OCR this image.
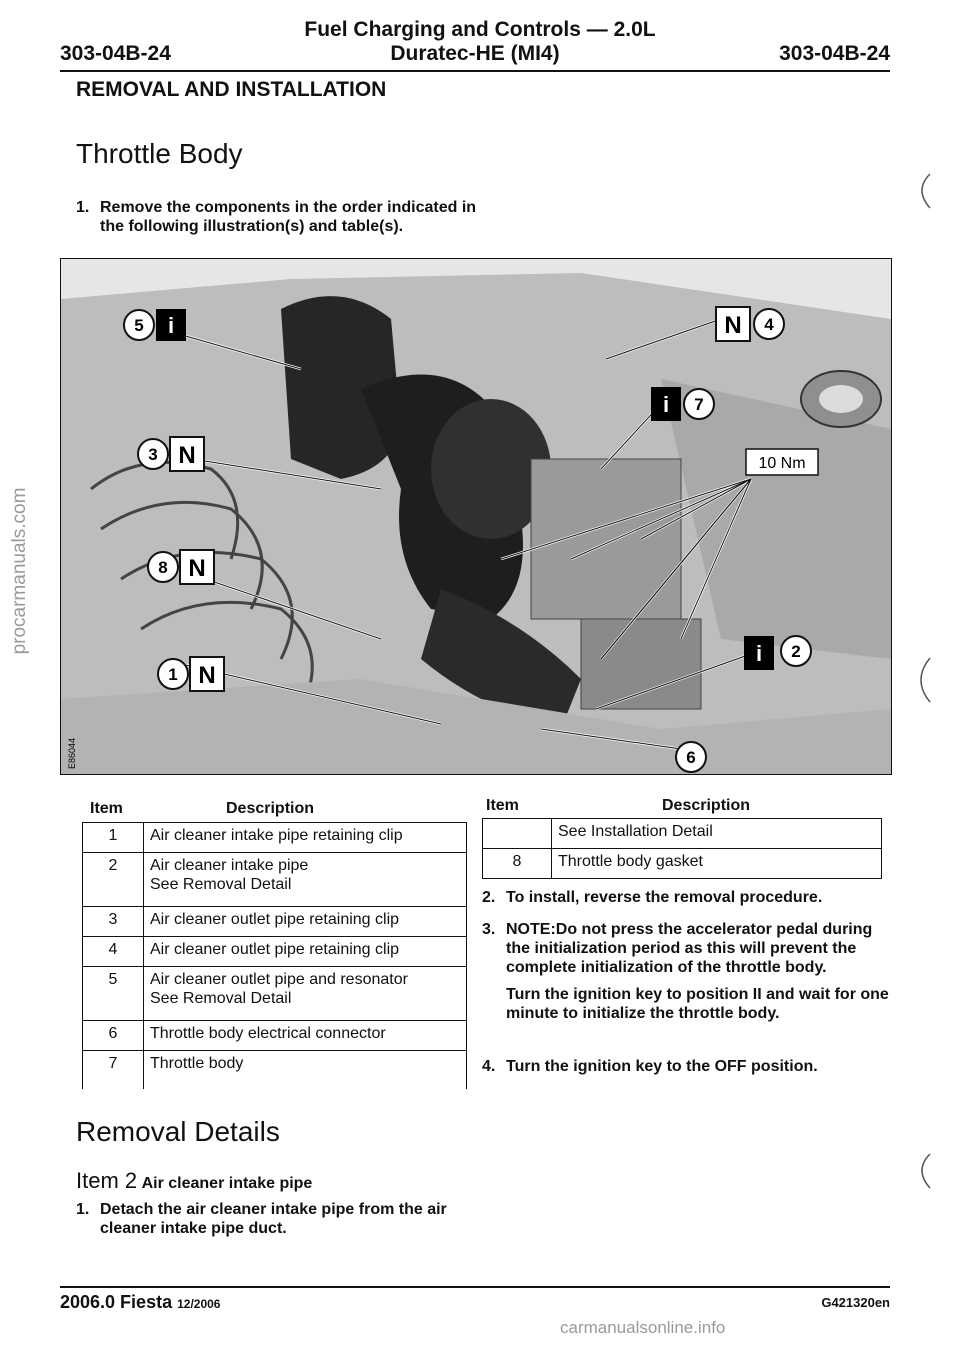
Fuel Charging and Controls — 2.0L
303-04B-24	Duratec-HE (MI4)	303-04B-24
REMOVAL AND INSTALLATION
Throttle Body
1. Remove the components in the order indicated in the following illustration(s) and table(s).
5 i	N 4
i 7
3 N	10 Nm
8 N
i 2
1 N
6
E86044
Item	Description
1	Air cleaner intake pipe retaining clip
2	Air cleaner intake pipe
See Removal Detail
3	Air cleaner outlet pipe retaining clip
4	Air cleaner outlet pipe retaining clip
5	Air cleaner outlet pipe and resonator
See Removal Detail
6	Throttle body electrical connector
7	Throttle body
Item	Description
	See Installation Detail
8	Throttle body gasket
2. To install, reverse the removal procedure.
3. NOTE:Do not press the accelerator pedal during the initialization period as this will prevent the complete initialization of the throttle body.
Turn the ignition key to position II and wait for one minute to initialize the throttle body.
4. Turn the ignition key to the OFF position.
Removal Details
Item 2 Air cleaner intake pipe
1. Detach the air cleaner intake pipe from the air cleaner intake pipe duct.
2006.0 Fiesta 12/2006	G421320en
procarmanuals.com
carmanualsonline.info
